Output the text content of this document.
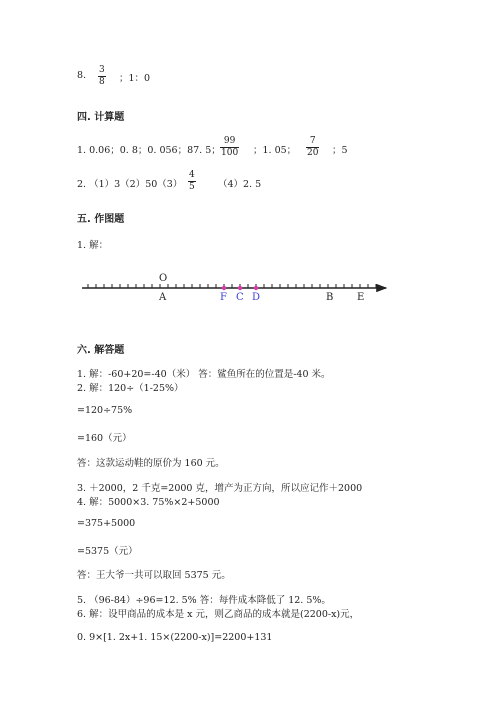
8. $\frac{3}{8}$ ；1：0
四. 计算题
1. 0.06；0. 8；0. 056；87. 5； $\frac{99}{100}$ ；1. 05； $\frac{7}{20}$ ；5
2. $(1)3(2)50(3) \frac{4}{5} (4)2$. 5
五. 作图题
1. 解：
O
A	F C D	B E
六. 解答题
1. 解：-60+20=-40（米） 答：鲨鱼所在的位置是-40 米。
2. 解：120÷（1-25%）
=120÷75%
=160（元）
答：这款运动鞋的原价为 160 元。
3. ＋2000，2 千克=2000 克，增产为正方向，所以应记作＋2000
4. 解：5000×3. 75%×2+5000
=375+5000
=5375（元）
答：王大爷一共可以取回 5375 元。
5. （96-84）÷96=12. 5% 答：每件成本降低了 12. 5%。
6. 解：设甲商品的成本是 x 元，则乙商品的成本就是(2200-x)元，
0. 9×[1. 2x+1. 15×(2200-x)]=2200+131
